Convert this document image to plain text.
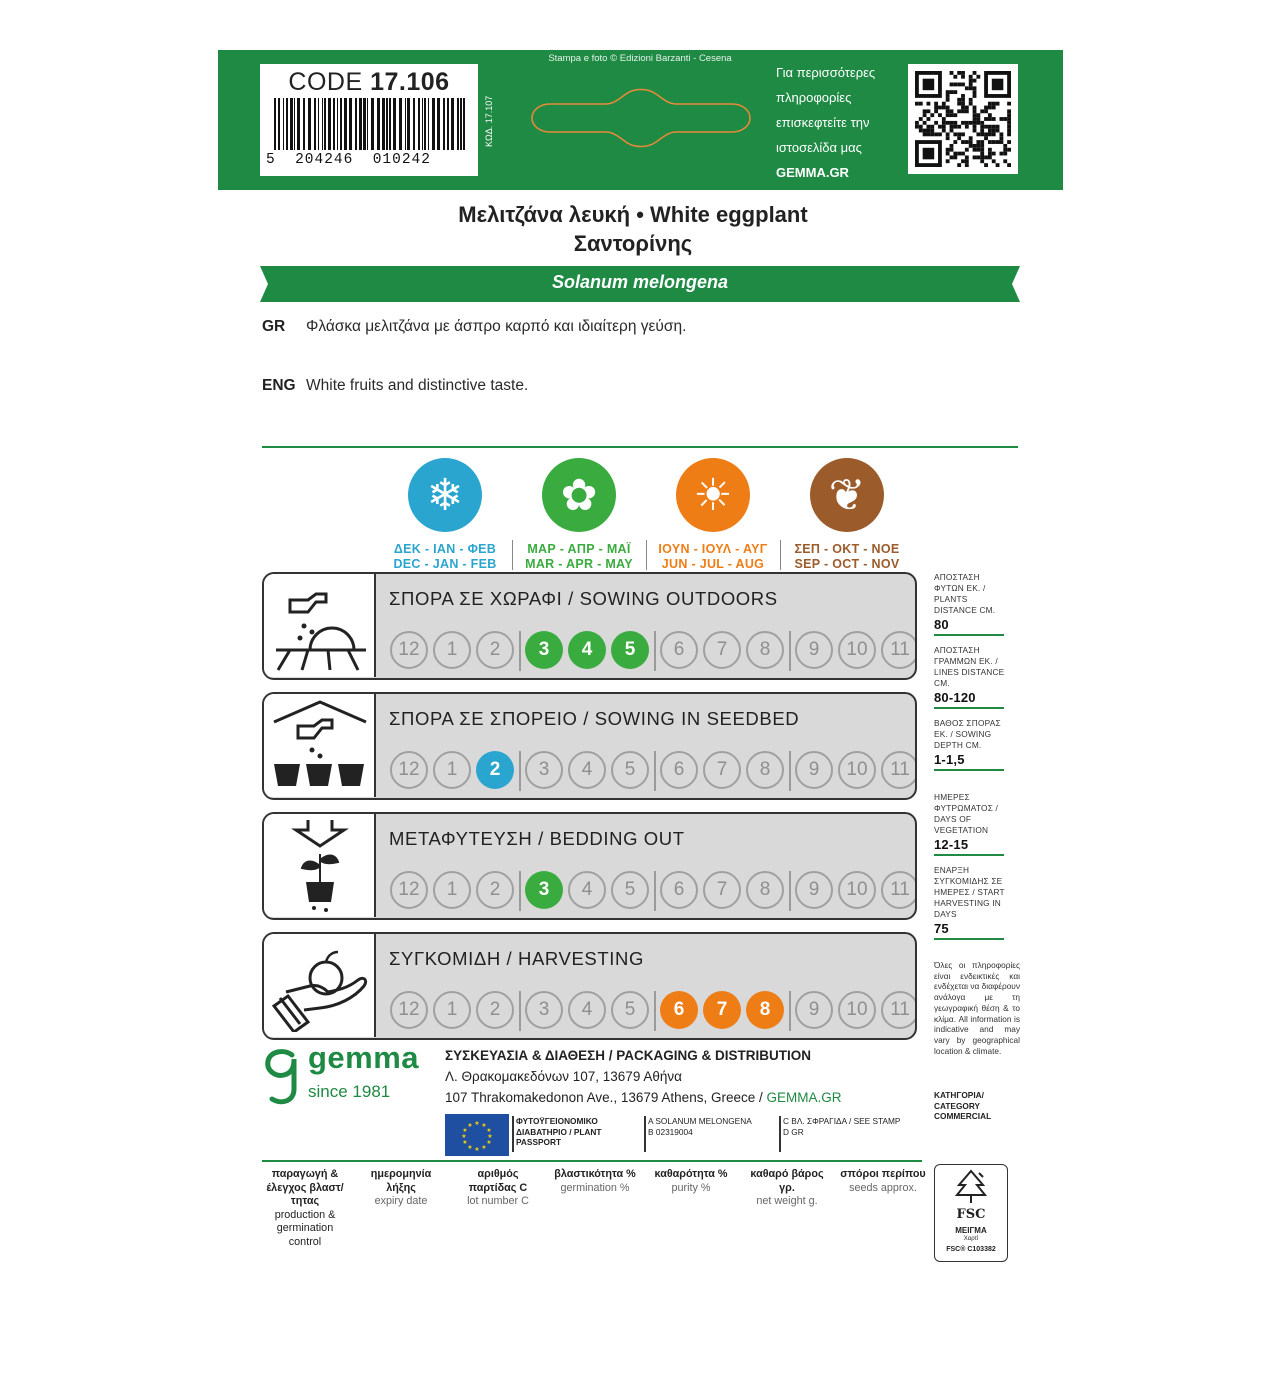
CODE 17.106
5  204246  010242
ΚΩΔ. 17.107
Stampa e foto © Edizioni Barzanti - Cesena
Για περισσότερες
πληροφορίες
επισκεφτείτε την
ιστοσελίδα μας
GEMMA.GR
Μελιτζάνα λευκή • White eggplant
Σαντορίνης
Solanum melongena
GR Φλάσκα μελιτζάνα με άσπρο καρπό και ιδιαίτερη γεύση.
ENG White fruits and distinctive taste.
❄
ΔΕΚ - ΙΑΝ - ΦΕΒ
DEC - JAN - FEB
✿
ΜΑΡ - ΑΠΡ - ΜΑΪ
MAR - APR - MAY
☀
ΙΟΥΝ - ΙΟΥΛ - ΑΥΓ
JUN - JUL - AUG
❦
ΣΕΠ - ΟΚΤ - ΝΟΕ
SEP - OCT - NOV
ΣΠΟΡΑ ΣΕ ΧΩΡΑΦΙ / SOWING OUTDOORS
12	1	2	3	4	5	6	7	8	9	10	11
ΣΠΟΡΑ ΣΕ ΣΠΟΡΕΙΟ / SOWING IN SEEDBED
12	1	2	3	4	5	6	7	8	9	10	11
ΜΕΤΑΦΥΤΕΥΣΗ / BEDDING OUT
12	1	2	3	4	5	6	7	8	9	10	11
ΣΥΓΚΟΜΙΔΗ / HARVESTING
12	1	2	3	4	5	6	7	8	9	10	11
ΑΠΟΣΤΑΣΗ ΦΥΤΩΝ ΕΚ. / PLANTS DISTANCE CM.
80
ΑΠΟΣΤΑΣΗ ΓΡΑΜΜΩΝ ΕΚ. / LINES DISTANCE CM.
80-120
ΒΑΘΟΣ ΣΠΟΡΑΣ ΕΚ. / SOWING DEPTH CM.
1-1,5
ΗΜΕΡΕΣ ΦΥΤΡΩΜΑΤΟΣ / DAYS OF VEGETATION
12-15
ΕΝΑΡΞΗ ΣΥΓΚΟΜΙΔΗΣ ΣΕ ΗΜΕΡΕΣ / START HARVESTING IN DAYS
75
Όλες οι πληροφορίες είναι ενδεικτικές και ενδέχεται να διαφέρουν ανάλογα με τη γεωγραφική θέση & το κλίμα. All information is indicative and may vary by geographical location & climate.
ΚΑΤΗΓΟΡΙΑ/ CATEGORY COMMERCIAL
gemma
since 1981
ΣΥΣΚΕΥΑΣΙΑ & ΔΙΑΘΕΣΗ / PACKAGING & DISTRIBUTION
Λ. Θρακομακεδόνων 107, 13679 Αθήνα
107 Thrakomakedonon Ave., 13679 Athens, Greece / GEMMA.GR
★ ★
★
★
★
★
★
★
★
★
★
★	ΦΥΤΟΫΓΕΙΟΝΟΜΙΚΟ ΔΙΑΒΑΤΗΡΙΟ / PLANT PASSPORT
A SOLANUM MELONGENA
B 02319004
C ΒΛ. ΣΦΡΑΓΙΔΑ / SEE STAMP
D GR
παραγωγή & έλεγχος βλαστ/τητας
production & germination control
ημερομηνία λήξης
expiry date
αριθμός παρτίδας C
lot number C
βλαστικότητα %
germination %
καθαρότητα %
purity %
καθαρό βάρος γρ.
net weight g.
σπόροι περίπου
seeds approx.
FSC
ΜΕΙΓΜΑ
Χαρτί
FSC® C103382
